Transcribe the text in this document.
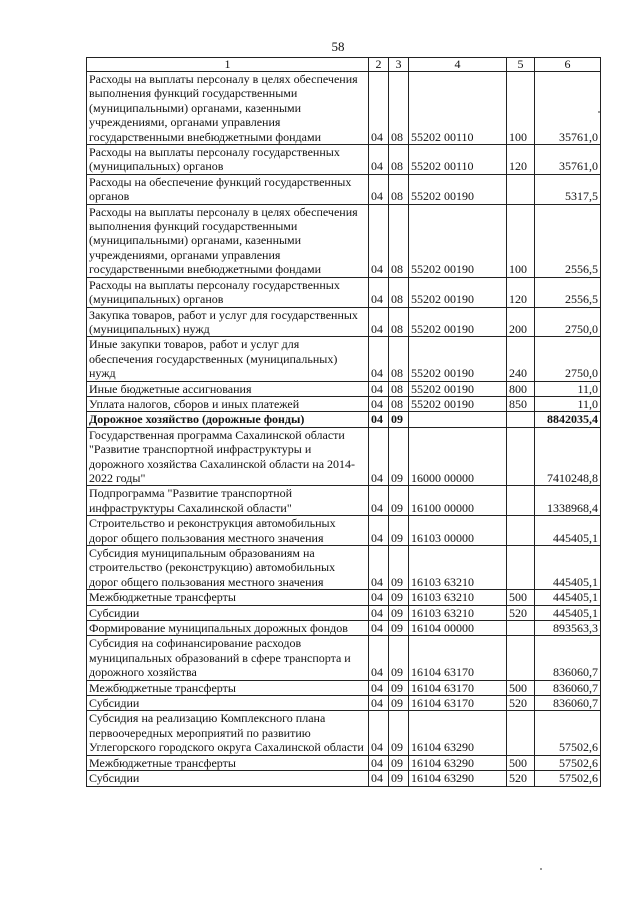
58
1	2	3	4	5	6
Расходы на выплаты персоналу в целях обеспечения выполнения функций государственными (муниципальными) органами, казенными учреждениями, органами управления государственными внебюджетными фондами	04	08	55202 00110	100	35761,0
Расходы на выплаты персоналу государственных (муниципальных) органов	04	08	55202 00110	120	35761,0
Расходы на обеспечение функций государственных органов	04	08	55202 00190		5317,5
Расходы на выплаты персоналу в целях обеспечения выполнения функций государственными (муниципальными) органами, казенными учреждениями, органами управления государственными внебюджетными фондами	04	08	55202 00190	100	2556,5
Расходы на выплаты персоналу государственных (муниципальных) органов	04	08	55202 00190	120	2556,5
Закупка товаров, работ и услуг для государственных (муниципальных) нужд	04	08	55202 00190	200	2750,0
Иные закупки товаров, работ и услуг для обеспечения государственных (муниципальных) нужд	04	08	55202 00190	240	2750,0
Иные бюджетные ассигнования	04	08	55202 00190	800	11,0
Уплата налогов, сборов и иных платежей	04	08	55202 00190	850	11,0
Дорожное хозяйство (дорожные фонды)	04	09			8842035,4
Государственная программа Сахалинской области "Развитие транспортной инфраструктуры и дорожного хозяйства Сахалинской области на 2014-2022 годы"	04	09	16000 00000		7410248,8
Подпрограмма "Развитие транспортной инфраструктуры Сахалинской области"	04	09	16100 00000		1338968,4
Строительство и реконструкция автомобильных дорог общего пользования местного значения	04	09	16103 00000		445405,1
Субсидия муниципальным образованиям на строительство (реконструкцию) автомобильных дорог общего пользования местного значения	04	09	16103 63210		445405,1
Межбюджетные трансферты	04	09	16103 63210	500	445405,1
Субсидии	04	09	16103 63210	520	445405,1
Формирование муниципальных дорожных фондов	04	09	16104 00000		893563,3
Субсидия на софинансирование расходов муниципальных образований в сфере транспорта и дорожного хозяйства	04	09	16104 63170		836060,7
Межбюджетные трансферты	04	09	16104 63170	500	836060,7
Субсидии	04	09	16104 63170	520	836060,7
Субсидия на реализацию Комплексного плана первоочередных мероприятий по развитию Углегорского городского округа Сахалинской области	04	09	16104 63290		57502,6
Межбюджетные трансферты	04	09	16104 63290	500	57502,6
Субсидии	04	09	16104 63290	520	57502,6
